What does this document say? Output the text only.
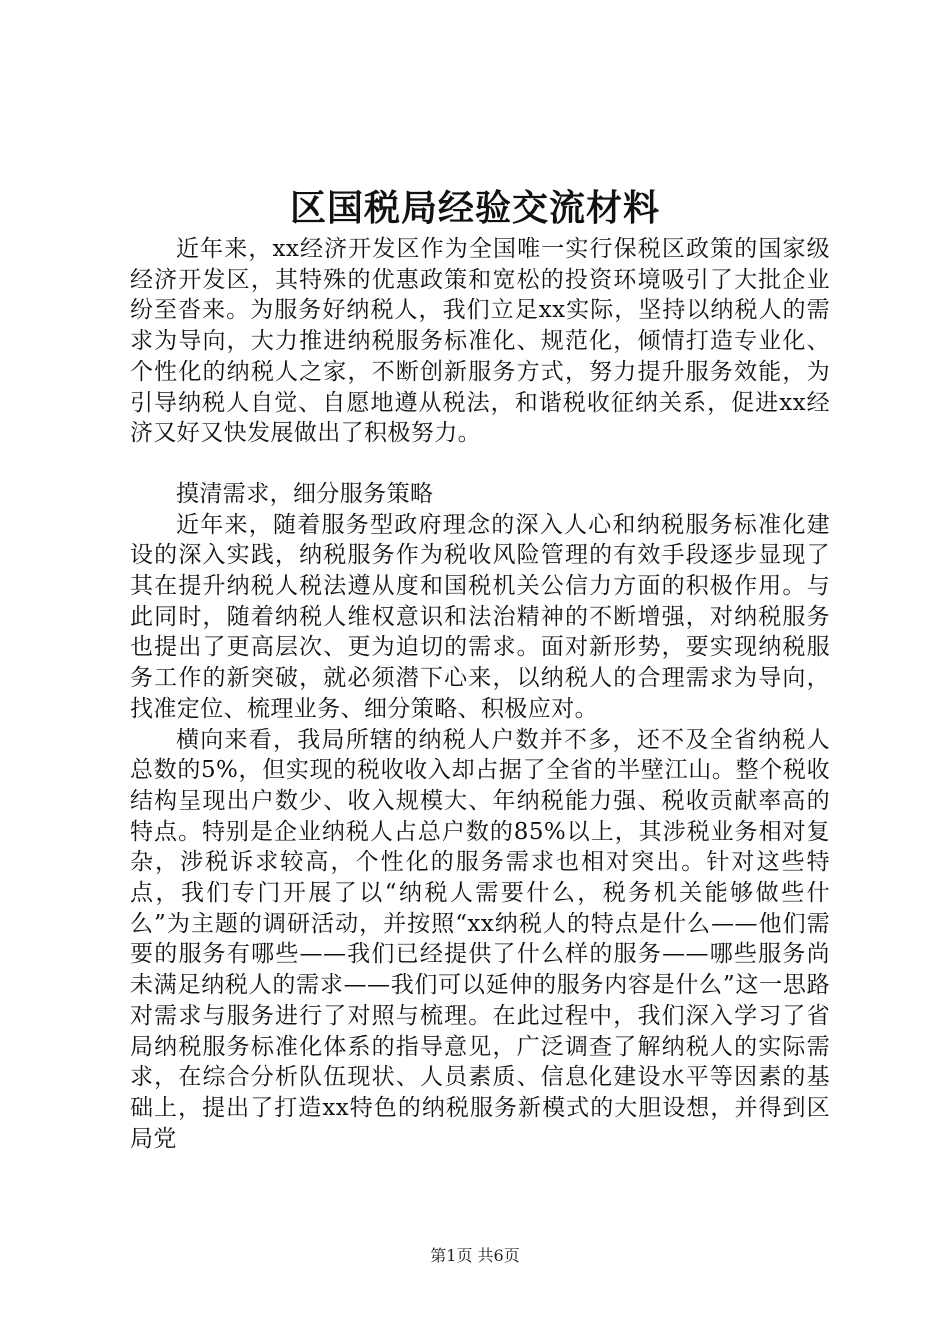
区国税局经验交流材料

近年来，xx经济开发区作为全国唯一实行保税区政策的国家级经济开发区，其特殊的优惠政策和宽松的投资环境吸引了大批企业纷至沓来。为服务好纳税人，我们立足xx实际，坚持以纳税人的需求为导向，大力推进纳税服务标准化、规范化，倾情打造专业化、个性化的纳税人之家，不断创新服务方式，努力提升服务效能，为引导纳税人自觉、自愿地遵从税法，和谐税收征纳关系，促进xx经济又好又快发展做出了积极努力。

摸清需求，细分服务策略

近年来，随着服务型政府理念的深入人心和纳税服务标准化建设的深入实践，纳税服务作为税收风险管理的有效手段逐步显现了其在提升纳税人税法遵从度和国税机关公信力方面的积极作用。与此同时，随着纳税人维权意识和法治精神的不断增强，对纳税服务也提出了更高层次、更为迫切的需求。面对新形势，要实现纳税服务工作的新突破，就必须潜下心来，以纳税人的合理需求为导向，找准定位、梳理业务、细分策略、积极应对。

横向来看，我局所辖的纳税人户数并不多，还不及全省纳税人总数的5%，但实现的税收收入却占据了全省的半壁江山。整个税收结构呈现出户数少、收入规模大、年纳税能力强、税收贡献率高的特点。特别是企业纳税人占总户数的85%以上，其涉税业务相对复杂，涉税诉求较高，个性化的服务需求也相对突出。针对这些特点，我们专门开展了以“纳税人需要什么，税务机关能够做些什么”为主题的调研活动，并按照“xx纳税人的特点是什么——他们需要的服务有哪些——我们已经提供了什么样的服务——哪些服务尚未满足纳税人的需求——我们可以延伸的服务内容是什么”这一思路对需求与服务进行了对照与梳理。在此过程中，我们深入学习了省局纳税服务标准化体系的指导意见，广泛调查了解纳税人的实际需求，在综合分析队伍现状、人员素质、信息化建设水平等因素的基础上，提出了打造xx特色的纳税服务新模式的大胆设想，并得到区局党

第1页 共6页
